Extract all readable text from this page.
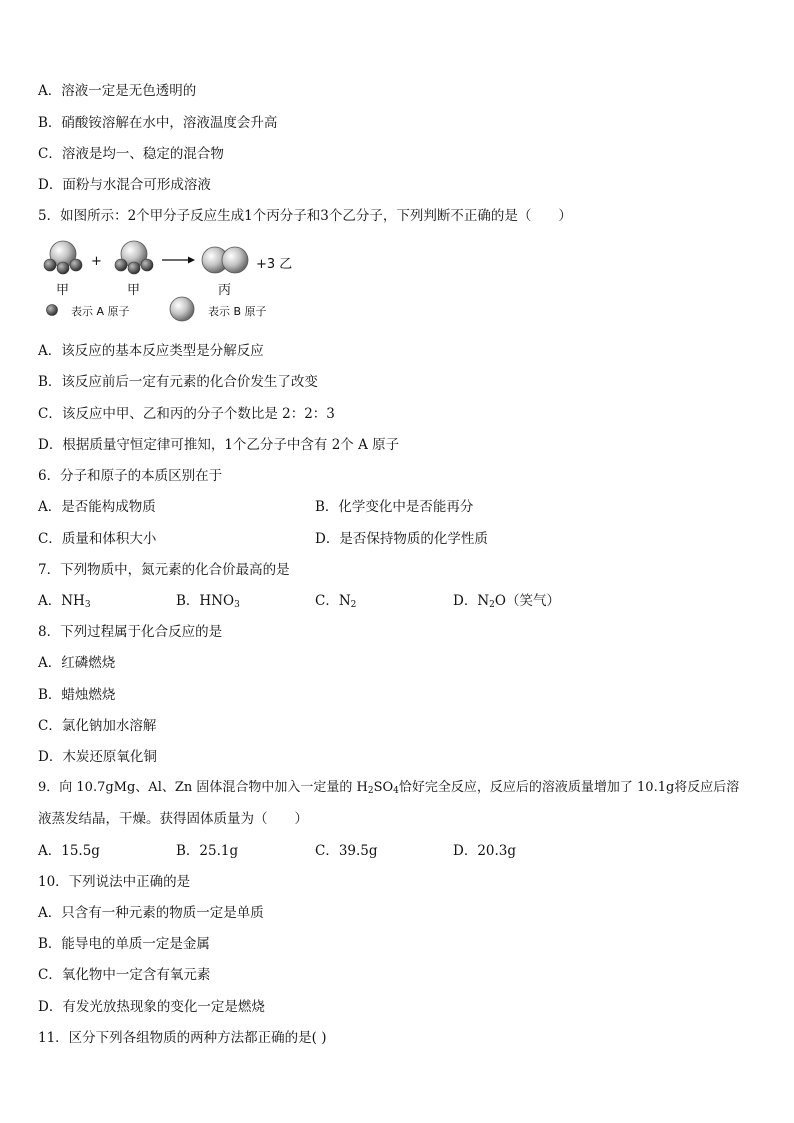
A．溶液一定是无色透明的
B．硝酸铵溶解在水中，溶液温度会升高
C．溶液是均一、稳定的混合物
D．面粉与水混合可形成溶液
5．如图所示：2个甲分子反应生成1个丙分子和3个乙分子，下列判断不正确的是（　　）
+	+3 乙
甲	甲	丙
表示 A 原子	表示 B 原子
A．该反应的基本反应类型是分解反应
B．该反应前后一定有元素的化合价发生了改变
C．该反应中甲、乙和丙的分子个数比是 2：2：3
D．根据质量守恒定律可推知，1个乙分子中含有 2个 A 原子
6．分子和原子的本质区别在于
A．是否能构成物质	B．化学变化中是否能再分
C．质量和体积大小	D．是否保持物质的化学性质
7．下列物质中，氮元素的化合价最高的是
A．$NH_3$	B．$HNO_3$	C．$N_2$	D．$N_2O$（笑气）
8．下列过程属于化合反应的是
A．红磷燃烧
B．蜡烛燃烧
C．氯化钠加水溶解
D．木炭还原氧化铜
9．向 10.7gMg、Al、Zn 固体混合物中加入一定量的 $H_2SO_4$恰好完全反应，反应后的溶液质量增加了 10.1g将反应后溶
液蒸发结晶，干燥。获得固体质量为（　　）
A．15.5g	B．25.1g	C．39.5g	D．20.3g
10．下列说法中正确的是
A．只含有一种元素的物质一定是单质
B．能导电的单质一定是金属
C．氧化物中一定含有氧元素
D．有发光放热现象的变化一定是燃烧
11．区分下列各组物质的两种方法都正确的是( )
